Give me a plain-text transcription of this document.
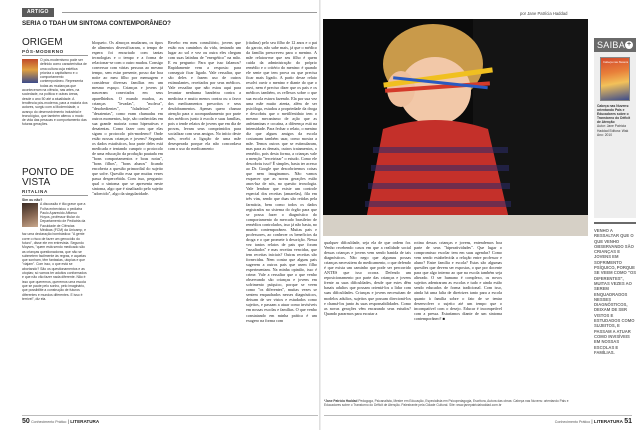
ARTIGO
SERIA O TDAH UM SINTOMA CONTEMPORÂNEO?
por Jane Patrícia Haddad
ORIGEM
PÓS-MODERNO

O pós-modernismo pode ser definido como característica de uma cultura cuja estética prioriza o capitalismo e o comportamento contemporâneo. Representa todas as mudanças que aconteceram na ciência, nas artes, na sociedade, na política e outras áreas, desde o ano 50 até a atualidade. A tendência pós-moderna, para a maioria dos autores, surgiu com a Modernidade, o avanço do desenvolvimento industrial e tecnológico, que também alterou o modo de vida das pessoas e comportamento das futuras gerações.

PONTO DE VISTA
RITALINA

Sim ou não?

A discussão é tão grave que a Folha entrevistou o pediatra Paulo Aparecido Affonso Hoyos, professor titular do Departamento de Pediatria da Faculdade de Ciências Médicas (FCM) da Unicamp, e faz uma declaração bombástica: "A gente corre o risco de fazer um genocídio do futuro", disse ele em entrevista. Segundo Moyses, "quem está sendo medicado são as crianças questionadoras, que não se submetem facilmente às regras, e aquelas que sonham, têm fantasias, utopias e que "viajam". Com isso, o que está se abortando? São os questionamentos e as utopias; só vamos ter adultos conformados e que não vão fazer nada diferente. Não é isso que queremos, queremos uma escola que se paute pelo sonho, pelo imaginário, que possibilite a construção de futuros diferentes e mundos diferentes. E isso é terrível", diz ela.

bloqueio. Os almoços mudaram, os tipos de alimentos diversificaram, o tempo de espera foi encurtado com tantas tecnologias e o tempo e a forma de relacionar-se com o outro mudou. Consigo conversar com várias pessoas ao mesmo tempo, sem estar presente, posso dar boa noite ao meu filho por mensagem e considerar diversas famílias em um mesmo espaço. Crianças e jovens já nasceram conectados em seus aparelhinhos. O mundo mudou, as crianças "levadas", "moleca", "desobedientes", "faladeiras" e "desatentas", como eram chamadas em outros momentos, hoje, são conhecidas em sua grande maioria como hiperativas e desatentas. Como fazer com que elas sigam o protocolo pós-moderno? Onde estão nossas crianças e jovens? Segundo os dados estatísticos, boa parte deles está medicada e tentando cumprir o protocolo de uma educação da produção pautada em "bons comportamentos e boas notas", "bons filhos", "bons alunos" ficando encoberta a questão primordial do sujeito que sofre. Questão essa que muitas vezes passa despercebida. Com isso, pergunto: qual o sintoma que se apresenta neste sintoma, algo que é sinalizado pelo sujeito "adoecido", algo da singularidade.

Recebo em meu consultório, jovens que estão nos caminhos da vida, tentando um lugar ao sol e vez ou outra eles chegam com suas latinhas de "energético" na mão. E eu pergunto: Para que isso falamos? Rapidamente vem a resposta: para conseguir ficar ligado. Vale ressaltar, que são deles e fazem uso de outros estimulantes, receitados por seus médicos. Vale ressaltar que não estou aqui para levantar nenhuma bandeira contra a medicina e muito menos contra ou a favor dos medicamentos prescritos e seus desdobramentos. Apenas quero chamar atenção para o acompanhamento por parte dos médicos junto à escola e suas famílias, pois o tende relatos de jovens que em dia de provas, levam seus comprimidos para socializar com seus amigos. No início deste mês, recebi a ligação de uma mãe desesperada porque ela não concordava com o uso do medicamento

(ritalina) pelo seu filho de 12 anos e o pai do garoto, não sabe mais, já que o médico da família prescreveu para o menino. A mãe relatou-me que seu filho é quem cuida da administração do próprio remédio e o critério do menino: é quando ele sente que tem prova ou que precisa ficar mais ligado. A partir desse relato resolvi ouvir o menino e diante do que o ouvi, nem é preciso dizer que os pais e os médicos também, os reflexos sobre o que sua escola estava fazendo. Ela por sua vez uma mãe muito atenta, além de ser psicóloga, estudou a propriedade da droga e descobriu que o metilfenidato tem o mesmo mecanismo de ação que as anfetaminas e cocaína, a diferença está na intensidade. Para fechar o relato, o menino diz que alguns amigos da escola costumam também usar, como mostra a mãe. Temos outros que se estimularam, mas para as demais, outros tratamentos, o remédio, pois desta forma, a crianças vale a menção "terceirizar" o estudo. Como ele descobriu isso? É simples, basta ter acesso ao Dr. Google que descobriremos coisas que nem imaginamos. Não vamos esquecer que as novas gerações estão anos-luz de nós, no quesito tecnologia. Vale lembrar que existe um controle especial dos receitas (amarelas), fila em três vias, sendo que duas são retidas pela farmácia, bem como todos os dados registrados no sistema do órgão para que se possa fazer o diagnóstico do comportamento do mercado brasileiro de remédios controlados, isso já não basta, no mundo contemporâneo. Muitas pais e professores, ao conhecer os benefícios da droga e o que promete à descrição. Nessa vez tantos relatos de pais que foram "assaltados" e mas receitas vencidas, que tem receitas iniciais? Outras receitas são fornecidas. Nem contar que alguns pais sugerem a outros pais que usem filho experimentam. Na minha opinião, isso é crime. Vale a ressaltar que o que venho observando são crianças e jovens em sofrimento psíquico, porque se veem como "os diferentes", muitas vezes se sentem enquadrados nesses diagnósticos, deixam de ser vistos e estudados como sujeitos, e passam a atuar como invisíveis em nossas escolas e famílias. O que venho constatando em minha prática é um exagero na forma com

qualquer dificuldade, seja ela de que ordem for. Venho recebendo casos em que a realidade social dessas crianças e jovens vem sendo banida de tais diagnósticos. Não nego que algumas possas crianças necessitem do medicamento, o que defendo é que exista um caminho que pode ser percorrido ANTES que isso ocorra. Defendo um reposicionamento por parte das crianças e jovens frente as suas dificuldades, desde que estes dêm basais adultos que possam orientá-los a lidar com suas dificuldades. Crianças e jovens necessitam de modelos adultos, sujeitos que possam direcioná-los e chamá-los junto às suas responsabilidades. Como as novas gerações vêm encarando seus estudos? Quando pararmos para escutar a

rotina dessas crianças e jovens, entendemos boa parte de seus "hiperatividades". Que lugar o compromisso escolar tem em suas agendas? Como vem sendo estabelecida a relação entre professor e aluno? Entre família e escola? Estas são algumas questões que devem ser expostas, o que por docente para que algo interno ao que na escola também seja alterado. O ser humano é complexo, os novos sujeitos adentraram as escolas e tudo e ainda estão sendo educados de forma tradicional. Com isso, ainda há uma falta de diretrizes tanto para a escola quanto à família sobre o fato de se tentar desenvolver o sujeito até um tempo que o incompatível com o desejo. Educar é incompetível com a pressa. Estaríamos diante de um sintoma contemporâneo? ■

*Jane Patrícia Haddad Pedagoga, Psicanalista, Mestre em Educação, Especialista em Psicopedagogia, Escritora, Autora das obras: Cabeça nas Nuvens: orientando Pais e Educadores sobre o Transtorno do Déficit de Atenção. Palestrante pela Cidade Cultural. Site: www.janepatriciahaddad.com.br
SAIBA +
Cabeça nas Nuvens

Cabeça nas Nuvens: orientando Pais e Educadores sobre o Transtorno do Déficit de Atenção
Autor: Jane Patrícia Haddad Editora: Wak Ano: 2010

VENHO A RESSALTAR QUE O QUE VENHO OBSERVANDO SÃO CRIANÇAS E JOVENS EM SOFRIMENTO PSÍQUICO, PORQUE SE VEEM COMO "OS DIFERENTES", MUITAS VEZES AO SEREM ENQUADRADOS NESSES DIAGNÓSTICOS, DEIXAM DE SER VISTOS E ESTUDADOS COMO SUJEITOS, E PASSAM A ATUAR COMO INVISÍVEIS EM NOSSAS ESCOLAS E FAMÍLIAS.
50 Conhecimento Prático | LITERATURA	Conhecimento Prático | LITERATURA 51
